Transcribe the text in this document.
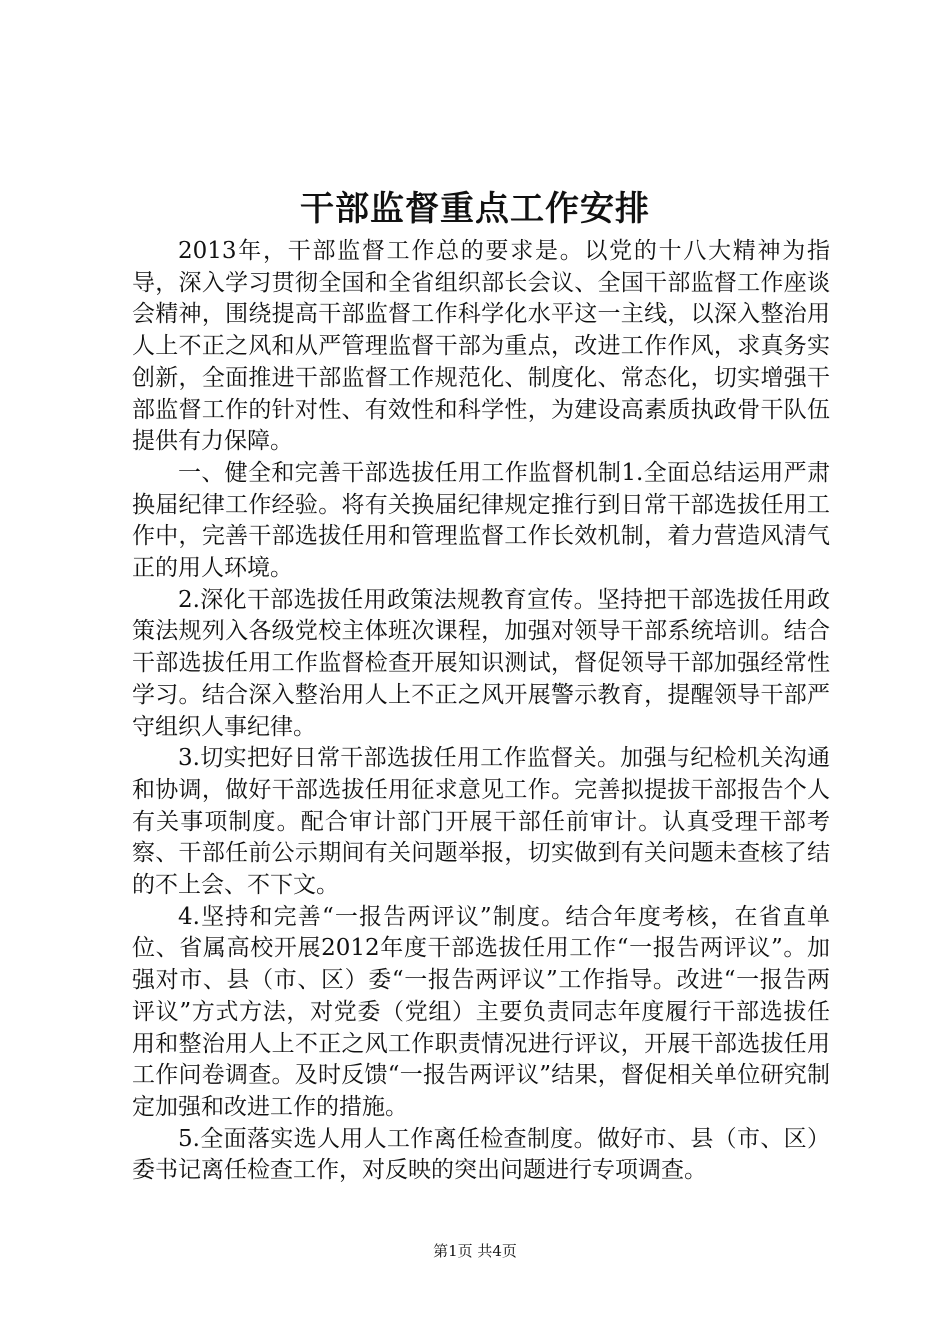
干部监督重点工作安排

2013年，干部监督工作总的要求是。以党的十八大精神为指导，深入学习贯彻全国和全省组织部长会议、全国干部监督工作座谈会精神，围绕提高干部监督工作科学化水平这一主线，以深入整治用人上不正之风和从严管理监督干部为重点，改进工作作风，求真务实创新，全面推进干部监督工作规范化、制度化、常态化，切实增强干部监督工作的针对性、有效性和科学性，为建设高素质执政骨干队伍提供有力保障。

一、健全和完善干部选拔任用工作监督机制1.全面总结运用严肃换届纪律工作经验。将有关换届纪律规定推行到日常干部选拔任用工作中，完善干部选拔任用和管理监督工作长效机制，着力营造风清气正的用人环境。

2.深化干部选拔任用政策法规教育宣传。坚持把干部选拔任用政策法规列入各级党校主体班次课程，加强对领导干部系统培训。结合干部选拔任用工作监督检查开展知识测试，督促领导干部加强经常性学习。结合深入整治用人上不正之风开展警示教育，提醒领导干部严守组织人事纪律。

3.切实把好日常干部选拔任用工作监督关。加强与纪检机关沟通和协调，做好干部选拔任用征求意见工作。完善拟提拔干部报告个人有关事项制度。配合审计部门开展干部任前审计。认真受理干部考察、干部任前公示期间有关问题举报，切实做到有关问题未查核了结的不上会、不下文。

4.坚持和完善“一报告两评议”制度。结合年度考核，在省直单位、省属高校开展2012年度干部选拔任用工作“一报告两评议”。加强对市、县（市、区）委“一报告两评议”工作指导。改进“一报告两评议”方式方法，对党委（党组）主要负责同志年度履行干部选拔任用和整治用人上不正之风工作职责情况进行评议，开展干部选拔任用工作问卷调查。及时反馈“一报告两评议”结果，督促相关单位研究制定加强和改进工作的措施。

5.全面落实选人用人工作离任检查制度。做好市、县（市、区）委书记离任检查工作，对反映的突出问题进行专项调查。

第1页 共4页
